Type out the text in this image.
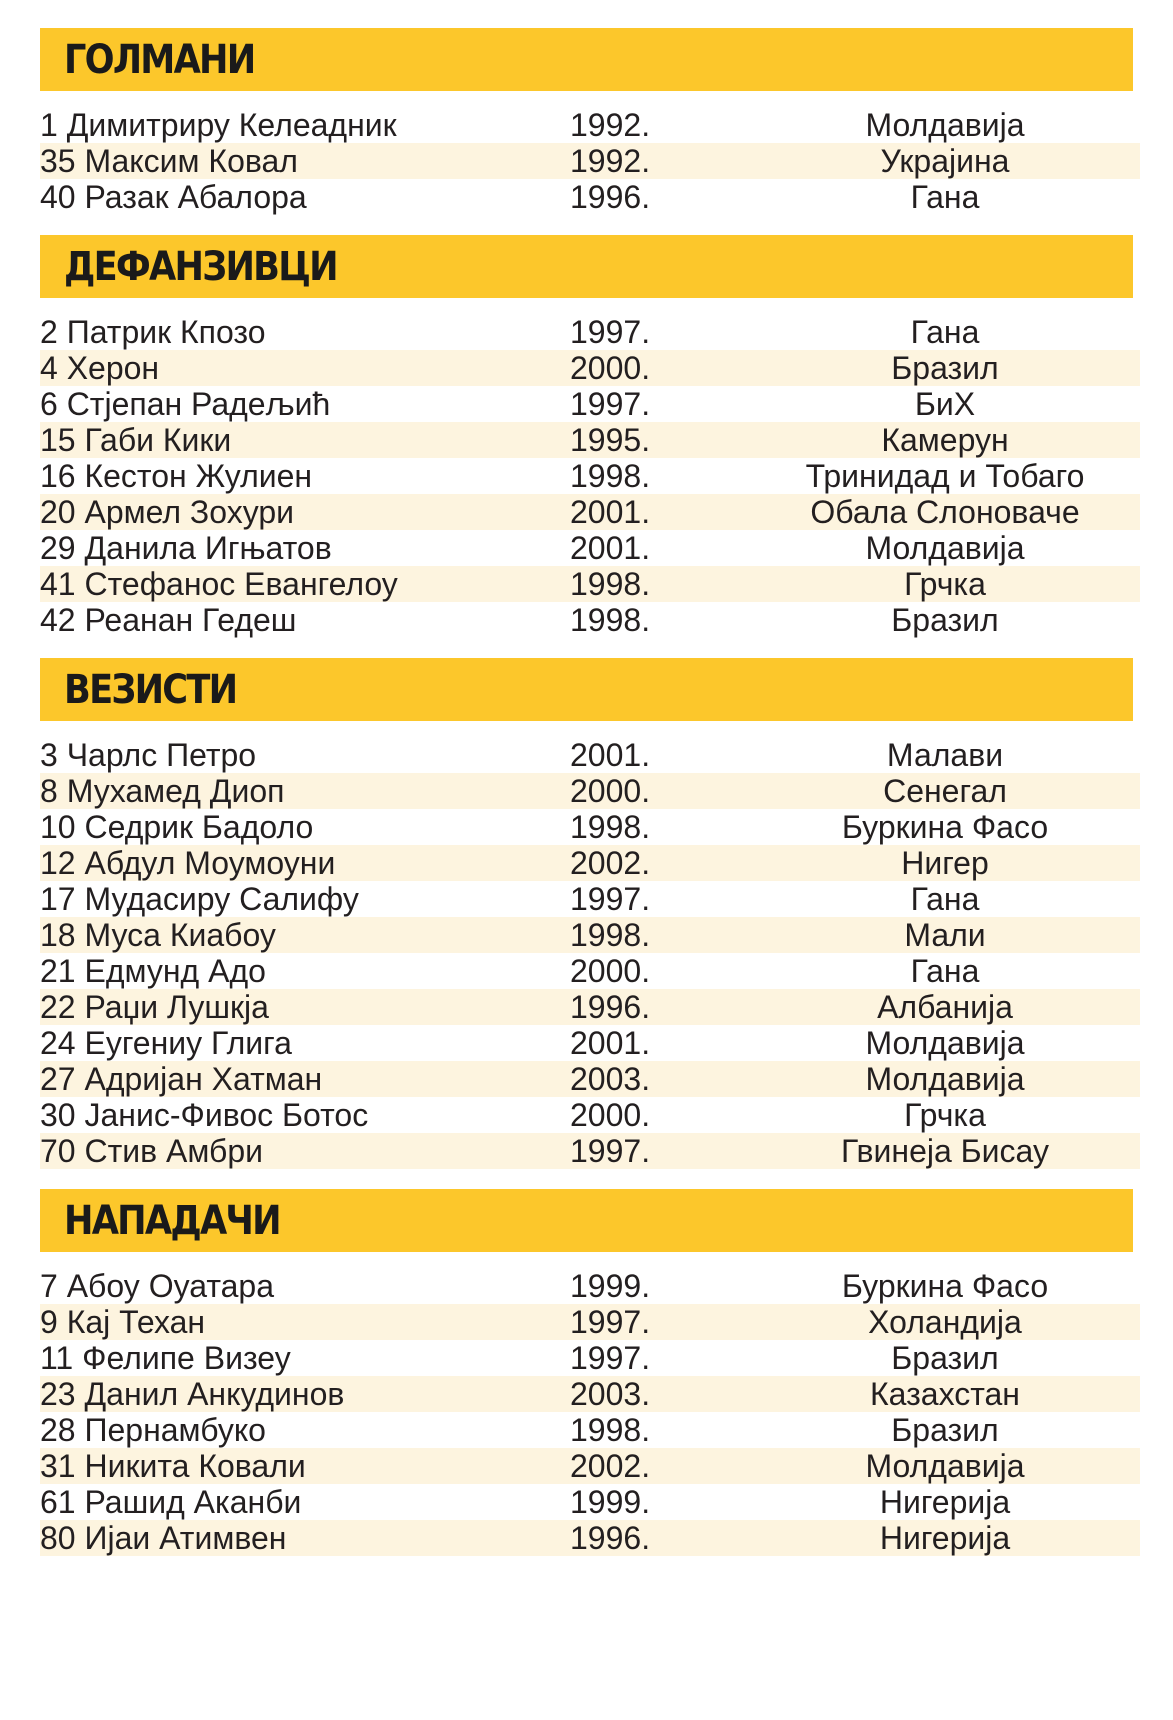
ГОЛМАНИ
1 Димитриру Келеадник	1992.	Молдавија
35 Максим Ковал	1992.	Украјина
40 Разак Абалора	1996.	Гана
ДЕФАНЗИВЦИ
2 Патрик Кпозо	1997.	Гана
4 Херон	2000.	Бразил
6 Стјепан Радељић	1997.	БиХ
15 Габи Кики	1995.	Камерун
16 Кестон Жулиен	1998.	Тринидад и Тобаго
20 Армел Зохури	2001.	Обала Слоноваче
29 Данила Игњатов	2001.	Молдавија
41 Стефанос Евангелоу	1998.	Грчка
42 Реанан Гедеш	1998.	Бразил
ВЕЗИСТИ
3 Чарлс Петро	2001.	Малави
8 Мухамед Диоп	2000.	Сенегал
10 Седрик Бадоло	1998.	Буркина Фасо
12 Абдул Моумоуни	2002.	Нигер
17 Мудасиру Салифу	1997.	Гана
18 Муса Киабоу	1998.	Мали
21 Едмунд Адо	2000.	Гана
22 Раџи Лушкја	1996.	Албанија
24 Еугениу Глига	2001.	Молдавија
27 Адријан Хатман	2003.	Молдавија
30 Јанис-Фивос Ботос	2000.	Грчка
70 Стив Амбри	1997.	Гвинеја Бисау
НАПАДАЧИ
7 Абоу Оуатара	1999.	Буркина Фасо
9 Кај Техан	1997.	Холандија
11 Фелипе Визеу	1997.	Бразил
23 Данил Анкудинов	2003.	Казахстан
28 Пернамбуко	1998.	Бразил
31 Никита Ковали	2002.	Молдавија
61 Рашид Аканби	1999.	Нигерија
80 Ијаи Атимвен	1996.	Нигерија
